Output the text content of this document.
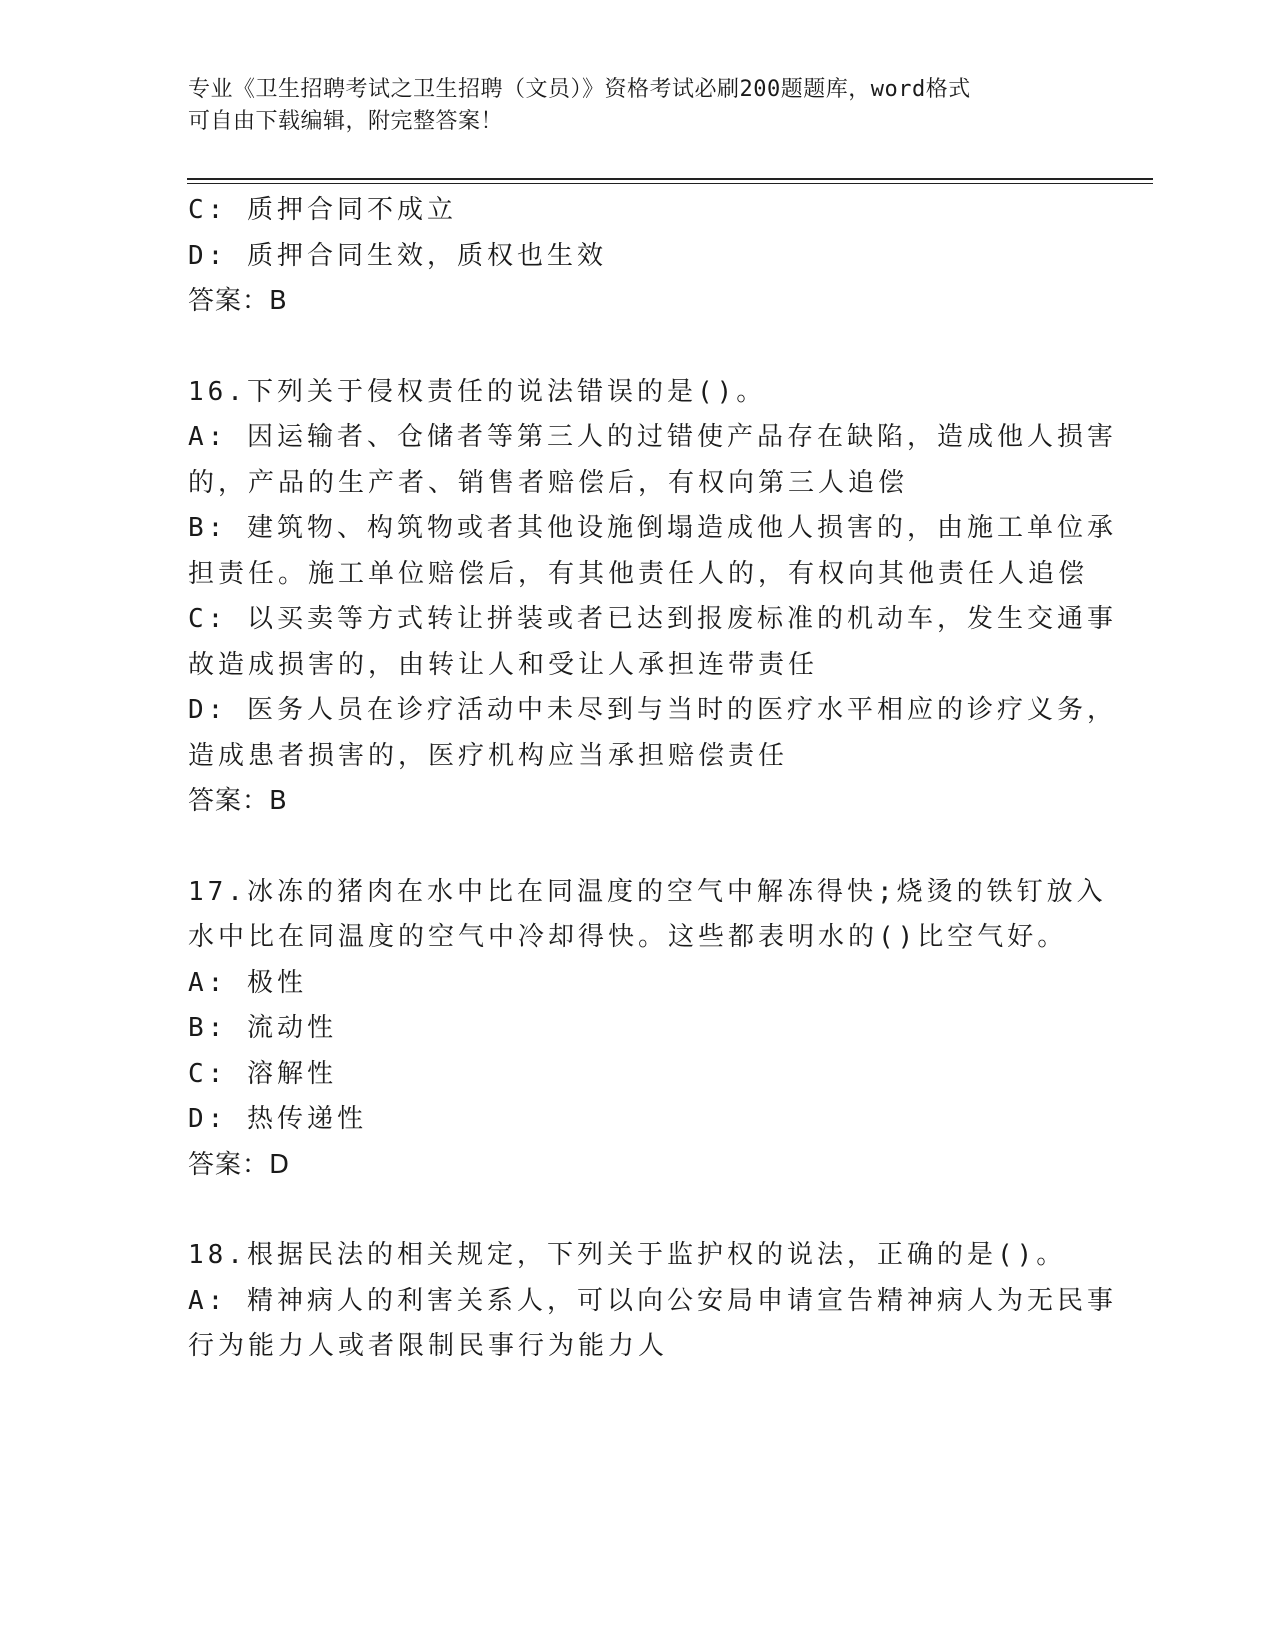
专业《卫生招聘考试之卫生招聘（文员）》资格考试必刷200题题库，word格式
可自由下载编辑，附完整答案！
C: 质押合同不成立
D: 质押合同生效，质权也生效
答案：B
16.下列关于侵权责任的说法错误的是()。
A: 因运输者、仓储者等第三人的过错使产品存在缺陷，造成他人损害
的，产品的生产者、销售者赔偿后，有权向第三人追偿
B: 建筑物、构筑物或者其他设施倒塌造成他人损害的，由施工单位承
担责任。施工单位赔偿后，有其他责任人的，有权向其他责任人追偿
C: 以买卖等方式转让拼装或者已达到报废标准的机动车，发生交通事
故造成损害的，由转让人和受让人承担连带责任
D: 医务人员在诊疗活动中未尽到与当时的医疗水平相应的诊疗义务，
造成患者损害的，医疗机构应当承担赔偿责任
答案：B
17.冰冻的猪肉在水中比在同温度的空气中解冻得快;烧烫的铁钉放入
水中比在同温度的空气中冷却得快。这些都表明水的()比空气好。
A: 极性
B: 流动性
C: 溶解性
D: 热传递性
答案：D
18.根据民法的相关规定，下列关于监护权的说法，正确的是()。
A: 精神病人的利害关系人，可以向公安局申请宣告精神病人为无民事
行为能力人或者限制民事行为能力人
